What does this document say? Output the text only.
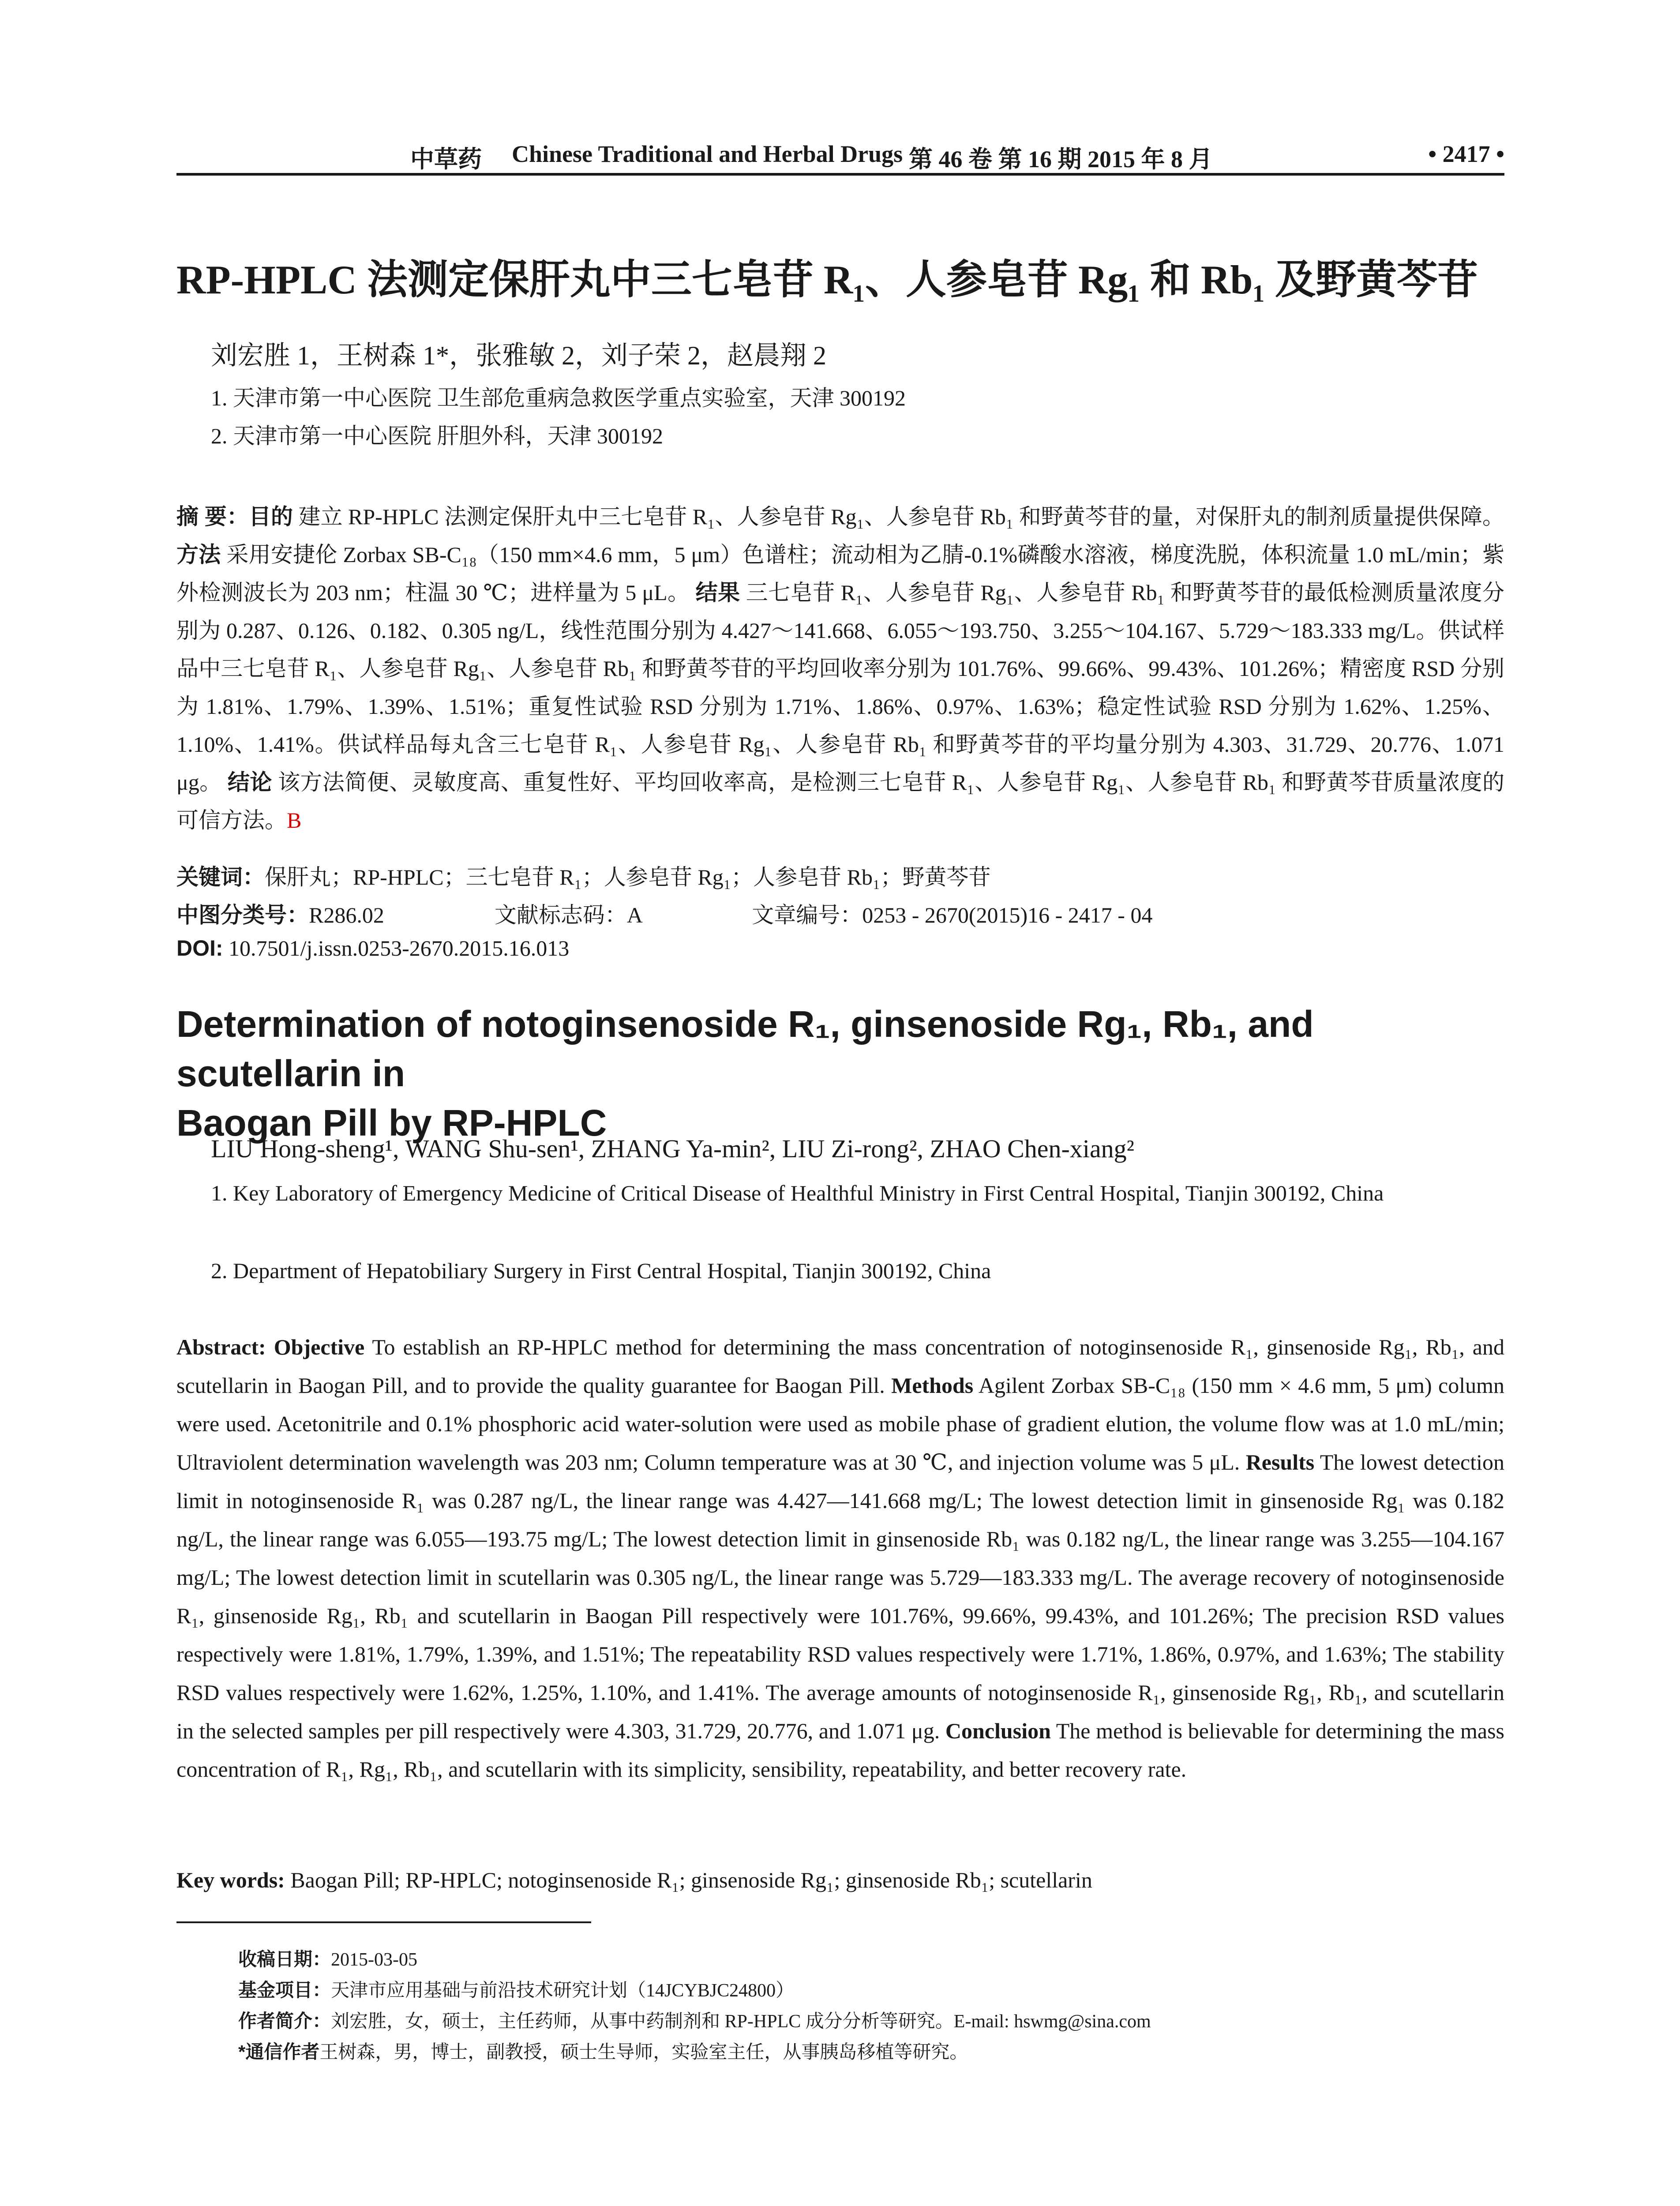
中草药 Chinese Traditional and Herbal Drugs 第 46 卷 第 16 期 2015 年 8 月	• 2417 •
RP-HPLC 法测定保肝丸中三七皂苷 R₁、人参皂苷 Rg₁ 和 Rb₁ 及野黄芩苷
刘宏胜 1，王树森 1*，张雅敏 2，刘子荣 2，赵晨翔 2
1. 天津市第一中心医院 卫生部危重病急救医学重点实验室，天津 300192
2. 天津市第一中心医院 肝胆外科，天津 300192
摘 要：目的 建立 RP-HPLC 法测定保肝丸中三七皂苷 R₁、人参皂苷 Rg₁、人参皂苷 Rb₁ 和野黄芩苷的量，对保肝丸的制剂质量提供保障。 方法 采用安捷伦 Zorbax SB-C₁₈（150 mm×4.6 mm，5 μm）色谱柱；流动相为乙腈-0.1%磷酸水溶液，梯度洗脱，体积流量 1.0 mL/min；紫外检测波长为 203 nm；柱温 30 ℃；进样量为 5 μL。 结果 三七皂苷 R₁、人参皂苷 Rg₁、人参皂苷 Rb₁ 和野黄芩苷的最低检测质量浓度分别为 0.287、0.126、0.182、0.305 ng/L，线性范围分别为 4.427～141.668、6.055～193.750、3.255～104.167、5.729～183.333 mg/L。供试样品中三七皂苷 R₁、人参皂苷 Rg₁、人参皂苷 Rb₁ 和野黄芩苷的平均回收率分别为 101.76%、99.66%、99.43%、101.26%；精密度 RSD 分别为 1.81%、1.79%、1.39%、1.51%；重复性试验 RSD 分别为 1.71%、1.86%、0.97%、1.63%；稳定性试验 RSD 分别为 1.62%、1.25%、1.10%、1.41%。供试样品每丸含三七皂苷 R₁、人参皂苷 Rg₁、人参皂苷 Rb₁ 和野黄芩苷的平均量分别为 4.303、31.729、20.776、1.071 μg。 结论 该方法简便、灵敏度高、重复性好、平均回收率高，是检测三七皂苷 R₁、人参皂苷 Rg₁、人参皂苷 Rb₁ 和野黄芩苷质量浓度的可信方法。B
关键词：保肝丸；RP-HPLC；三七皂苷 R₁；人参皂苷 Rg₁；人参皂苷 Rb₁；野黄芩苷
中图分类号：R286.02　　　　　文献标志码：A　　　　　文章编号：0253 - 2670(2015)16 - 2417 - 04
DOI: 10.7501/j.issn.0253-2670.2015.16.013
Determination of notoginsenoside R₁, ginsenoside Rg₁, Rb₁, and scutellarin in
Baogan Pill by RP-HPLC
LIU Hong-sheng¹, WANG Shu-sen¹, ZHANG Ya-min², LIU Zi-rong², ZHAO Chen-xiang²
1. Key Laboratory of Emergency Medicine of Critical Disease of Healthful Ministry in First Central Hospital, Tianjin 300192, China
2. Department of Hepatobiliary Surgery in First Central Hospital, Tianjin 300192, China
Abstract: Objective To establish an RP-HPLC method for determining the mass concentration of notoginsenoside R₁, ginsenoside Rg₁, Rb₁, and scutellarin in Baogan Pill, and to provide the quality guarantee for Baogan Pill. Methods Agilent Zorbax SB-C₁₈ (150 mm × 4.6 mm, 5 μm) column were used. Acetonitrile and 0.1% phosphoric acid water-solution were used as mobile phase of gradient elution, the volume flow was at 1.0 mL/min; Ultraviolent determination wavelength was 203 nm; Column temperature was at 30 ℃, and injection volume was 5 μL. Results The lowest detection limit in notoginsenoside R₁ was 0.287 ng/L, the linear range was 4.427—141.668 mg/L; The lowest detection limit in ginsenoside Rg₁ was 0.182 ng/L, the linear range was 6.055—193.75 mg/L; The lowest detection limit in ginsenoside Rb₁ was 0.182 ng/L, the linear range was 3.255—104.167 mg/L; The lowest detection limit in scutellarin was 0.305 ng/L, the linear range was 5.729—183.333 mg/L. The average recovery of notoginsenoside R₁, ginsenoside Rg₁, Rb₁ and scutellarin in Baogan Pill respectively were 101.76%, 99.66%, 99.43%, and 101.26%; The precision RSD values respectively were 1.81%, 1.79%, 1.39%, and 1.51%; The repeatability RSD values respectively were 1.71%, 1.86%, 0.97%, and 1.63%; The stability RSD values respectively were 1.62%, 1.25%, 1.10%, and 1.41%. The average amounts of notoginsenoside R₁, ginsenoside Rg₁, Rb₁, and scutellarin in the selected samples per pill respectively were 4.303, 31.729, 20.776, and 1.071 μg. Conclusion The method is believable for determining the mass concentration of R₁, Rg₁, Rb₁, and scutellarin with its simplicity, sensibility, repeatability, and better recovery rate.
Key words: Baogan Pill; RP-HPLC; notoginsenoside R₁; ginsenoside Rg₁; ginsenoside Rb₁; scutellarin
收稿日期：2015-03-05
基金项目：天津市应用基础与前沿技术研究计划（14JCYBJC24800）
作者简介：刘宏胜，女，硕士，主任药师，从事中药制剂和 RP-HPLC 成分分析等研究。E-mail: hswmg@sina.com
*通信作者王树森，男，博士，副教授，硕士生导师，实验室主任，从事胰岛移植等研究。
